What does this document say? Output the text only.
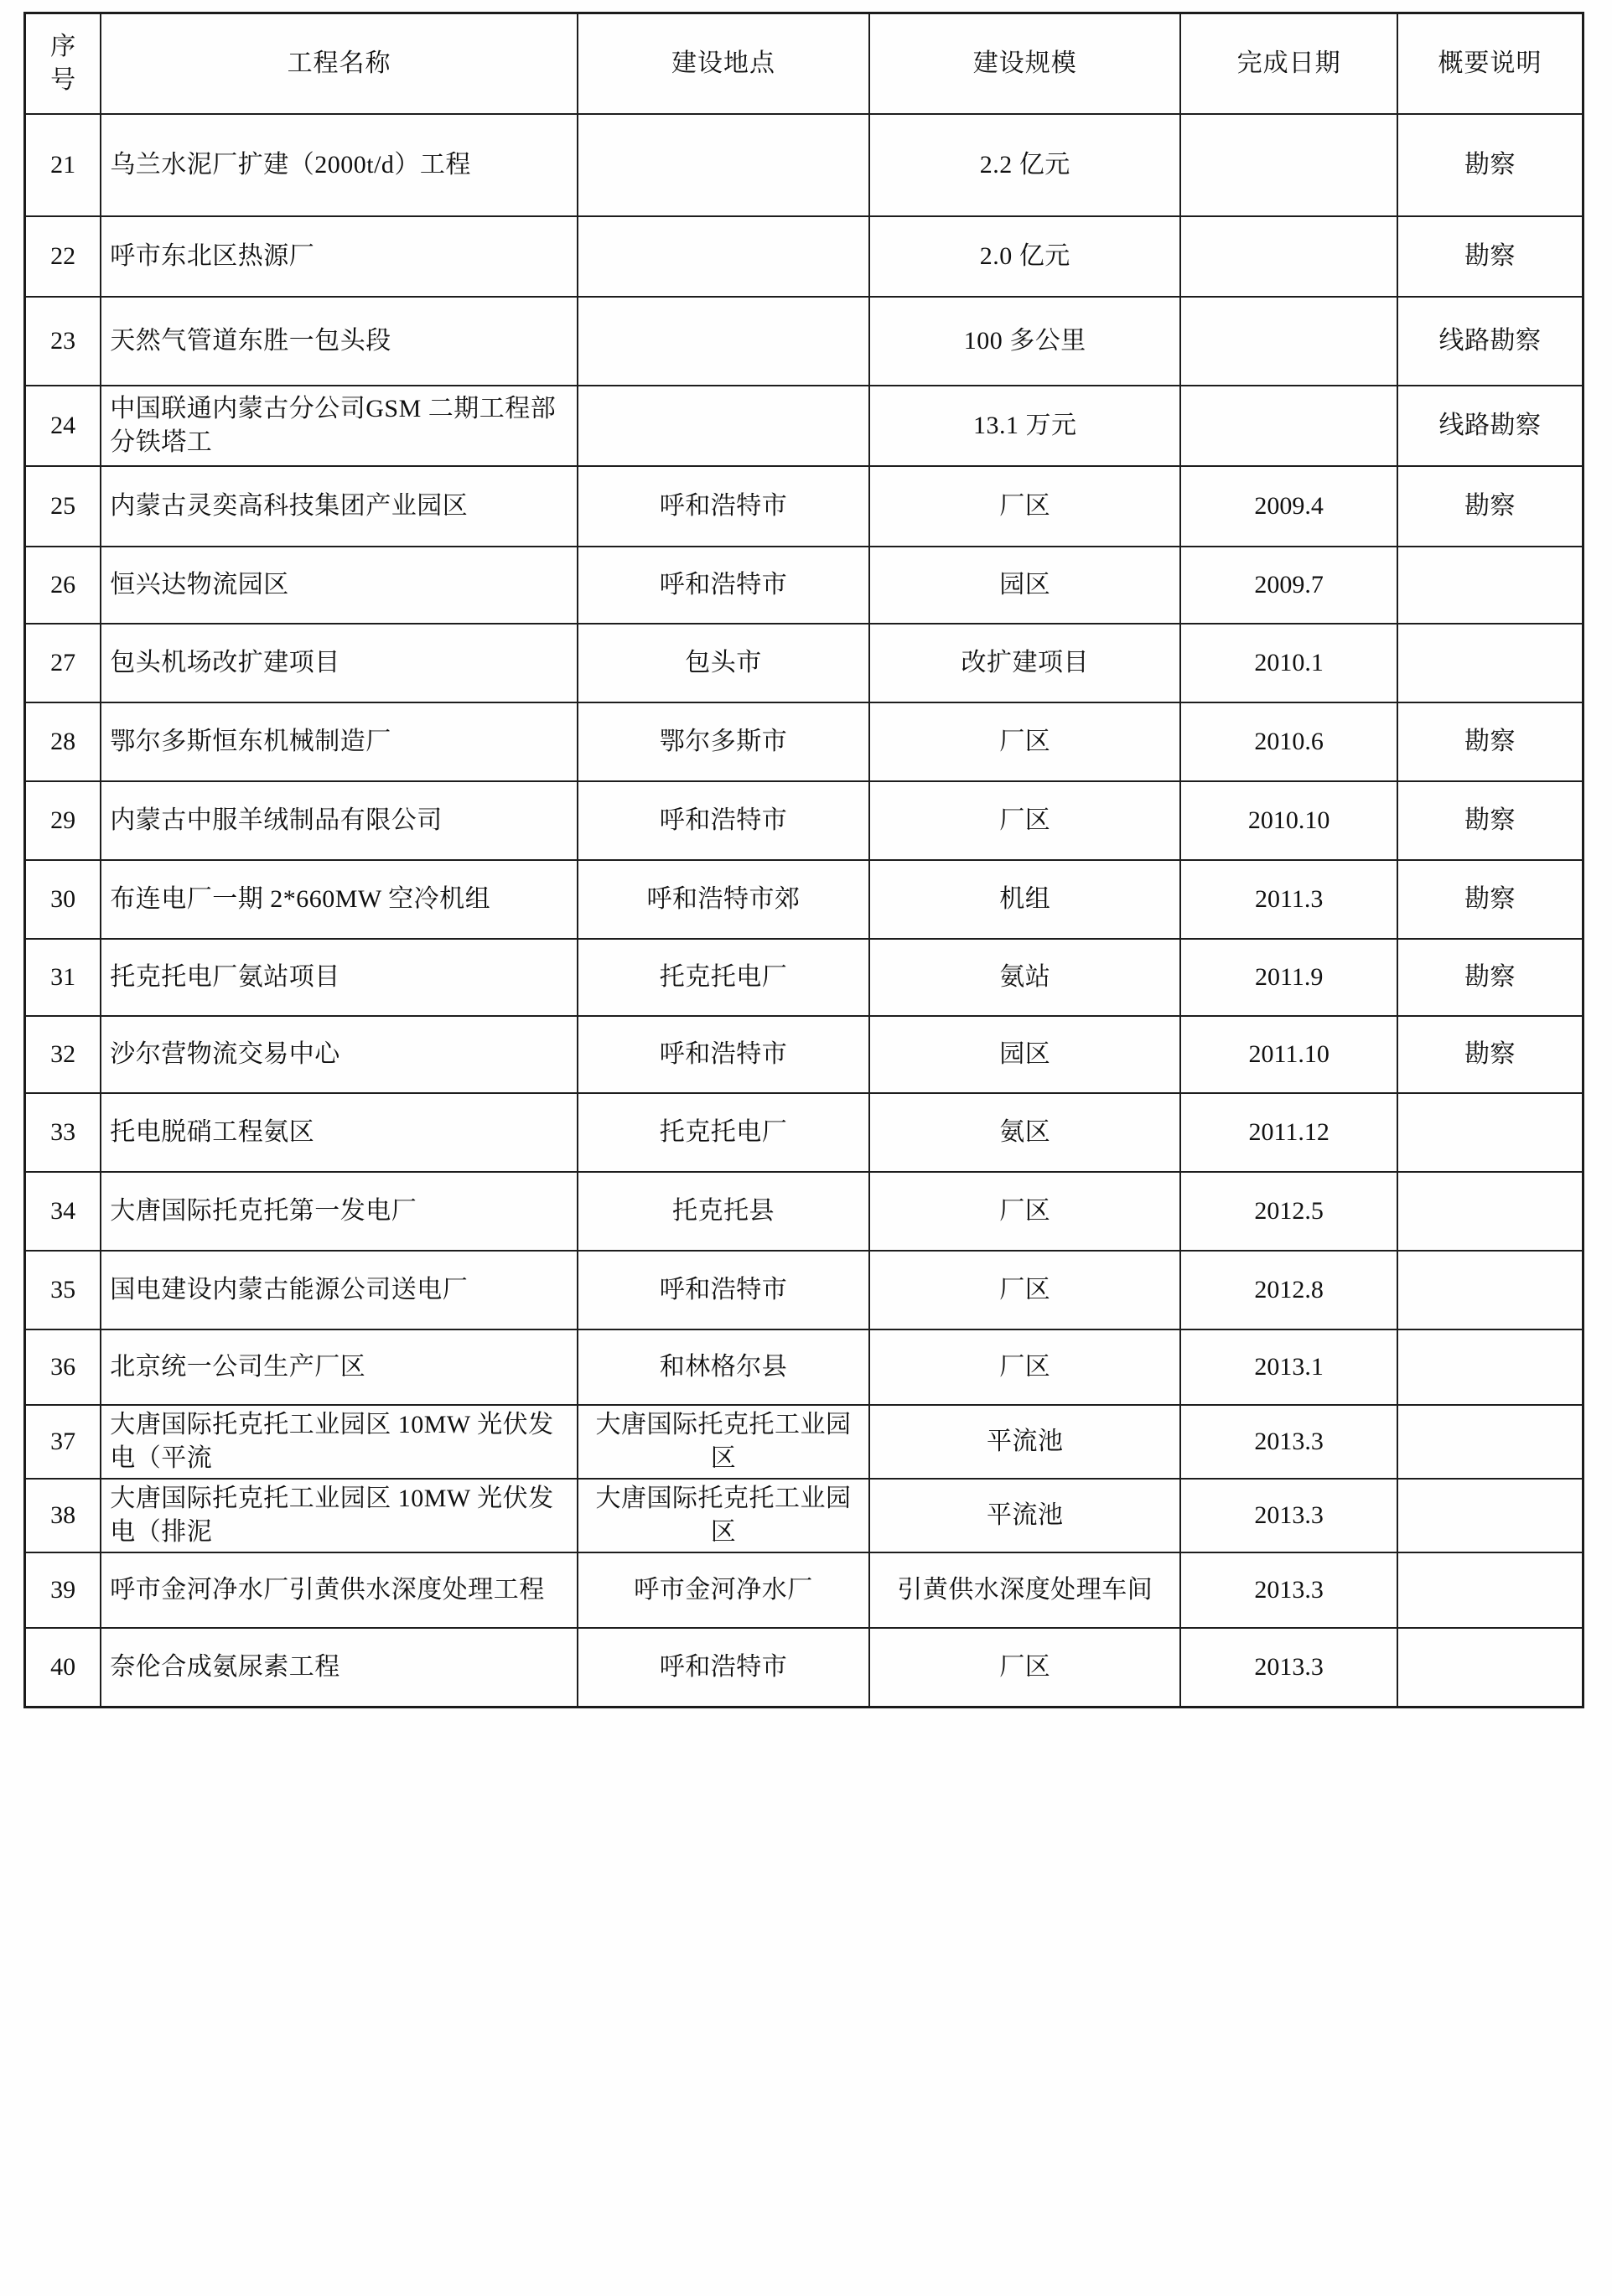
序
号	工程名称	建设地点	建设规模	完成日期	概要说明
21	乌兰水泥厂扩建（2000t/d）工程		2.2 亿元		勘察
22	呼市东北区热源厂		2.0 亿元		勘察
23	天然气管道东胜一包头段		100 多公里		线路勘察
24	中国联通内蒙古分公司GSM 二期工程部分铁塔工		13.1 万元		线路勘察
25	内蒙古灵奕高科技集团产业园区	呼和浩特市	厂区	2009.4	勘察
26	恒兴达物流园区	呼和浩特市	园区	2009.7	
27	包头机场改扩建项目	包头市	改扩建项目	2010.1	
28	鄂尔多斯恒东机械制造厂	鄂尔多斯市	厂区	2010.6	勘察
29	内蒙古中服羊绒制品有限公司	呼和浩特市	厂区	2010.10	勘察
30	布连电厂一期 2*660MW 空冷机组	呼和浩特市郊	机组	2011.3	勘察
31	托克托电厂氨站项目	托克托电厂	氨站	2011.9	勘察
32	沙尔营物流交易中心	呼和浩特市	园区	2011.10	勘察
33	托电脱硝工程氨区	托克托电厂	氨区	2011.12	
34	大唐国际托克托第一发电厂	托克托县	厂区	2012.5	
35	国电建设内蒙古能源公司送电厂	呼和浩特市	厂区	2012.8	
36	北京统一公司生产厂区	和林格尔县	厂区	2013.1	
37	大唐国际托克托工业园区 10MW 光伏发电（平流	大唐国际托克托工业园区	平流池	2013.3	
38	大唐国际托克托工业园区 10MW 光伏发电（排泥	大唐国际托克托工业园区	平流池	2013.3	
39	呼市金河净水厂引黄供水深度处理工程	呼市金河净水厂	引黄供水深度处理车间	2013.3	
40	奈伦合成氨尿素工程	呼和浩特市	厂区	2013.3	
